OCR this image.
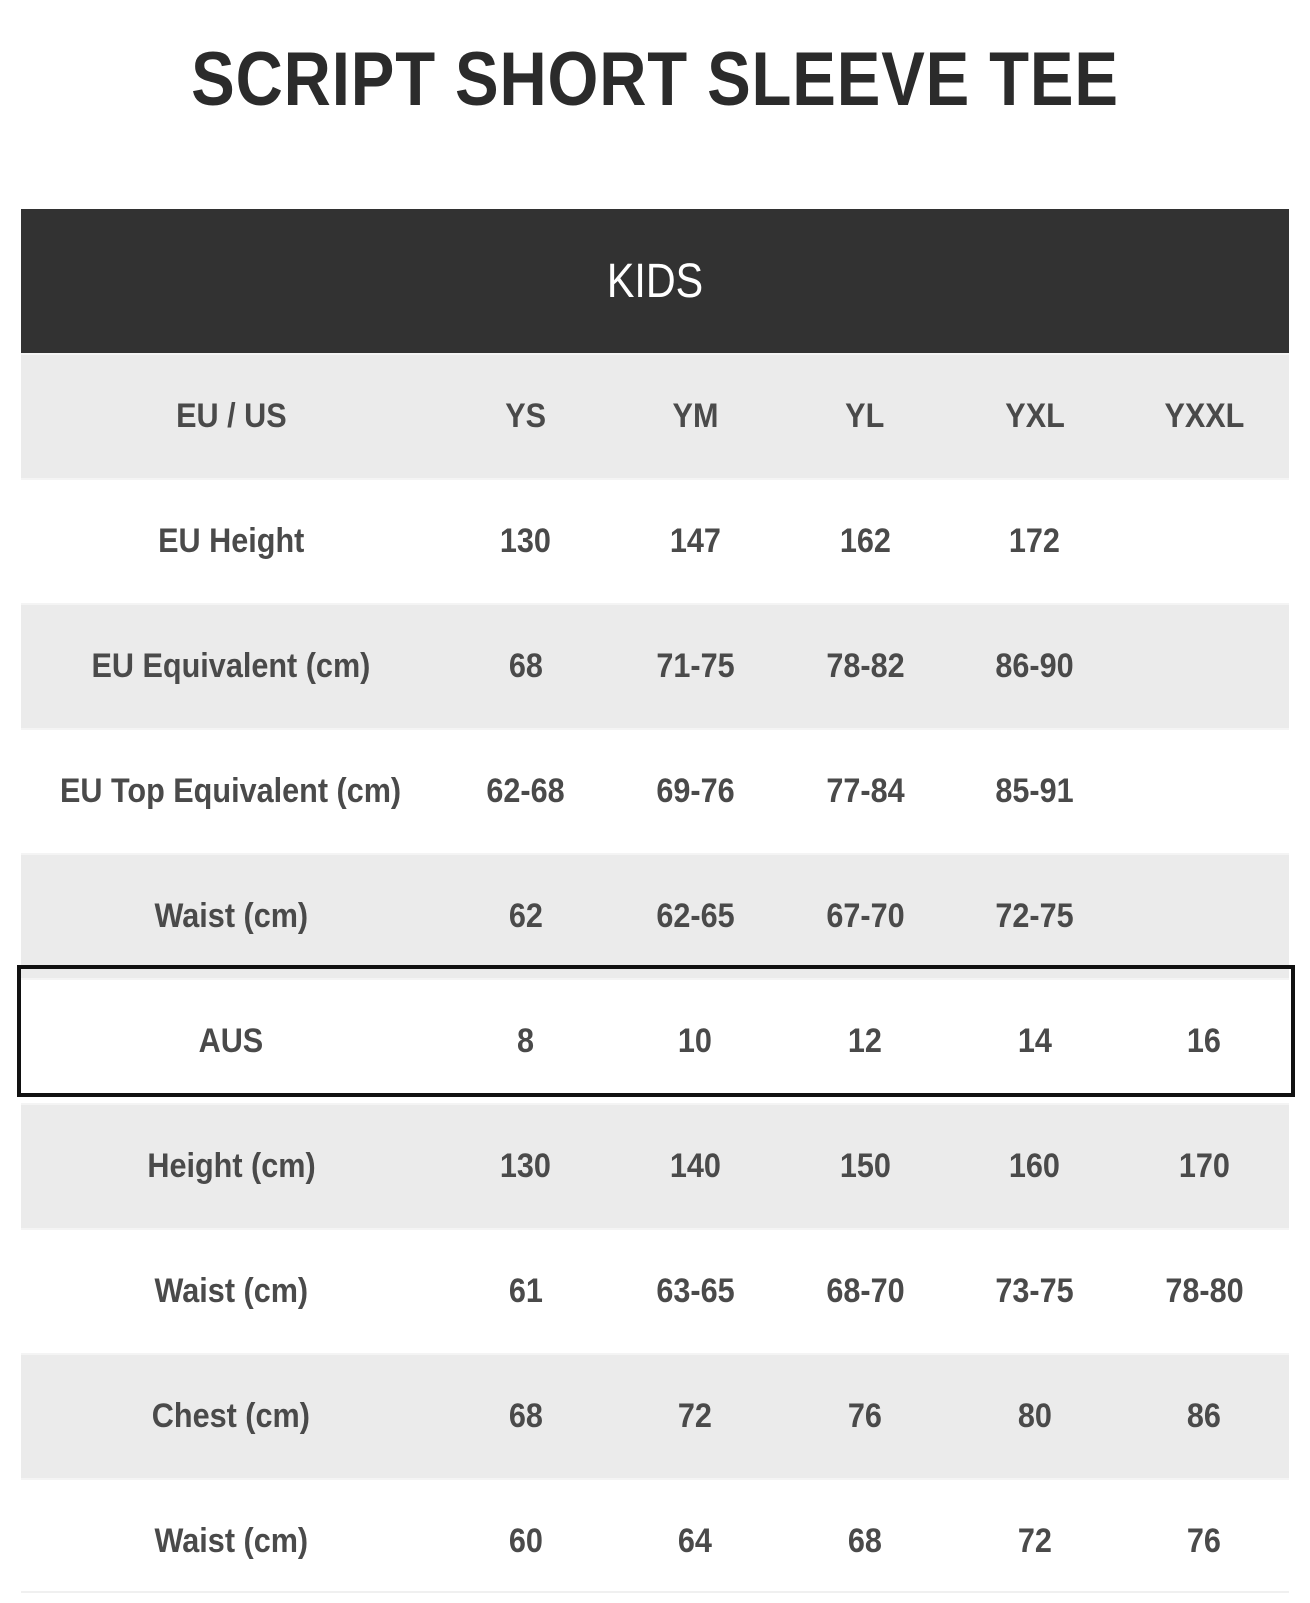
SCRIPT SHORT SLEEVE TEE
KIDS					
EU / US	YS	YM	YL	YXL	YXXL
EU Height	130	147	162	172	
EU Equivalent (cm)	68	71-75	78-82	86-90	
EU Top Equivalent (cm)	62-68	69-76	77-84	85-91	
Waist (cm)	62	62-65	67-70	72-75	
AUS	8	10	12	14	16
Height (cm)	130	140	150	160	170
Waist (cm)	61	63-65	68-70	73-75	78-80
Chest (cm)	68	72	76	80	86
Waist (cm)	60	64	68	72	76
